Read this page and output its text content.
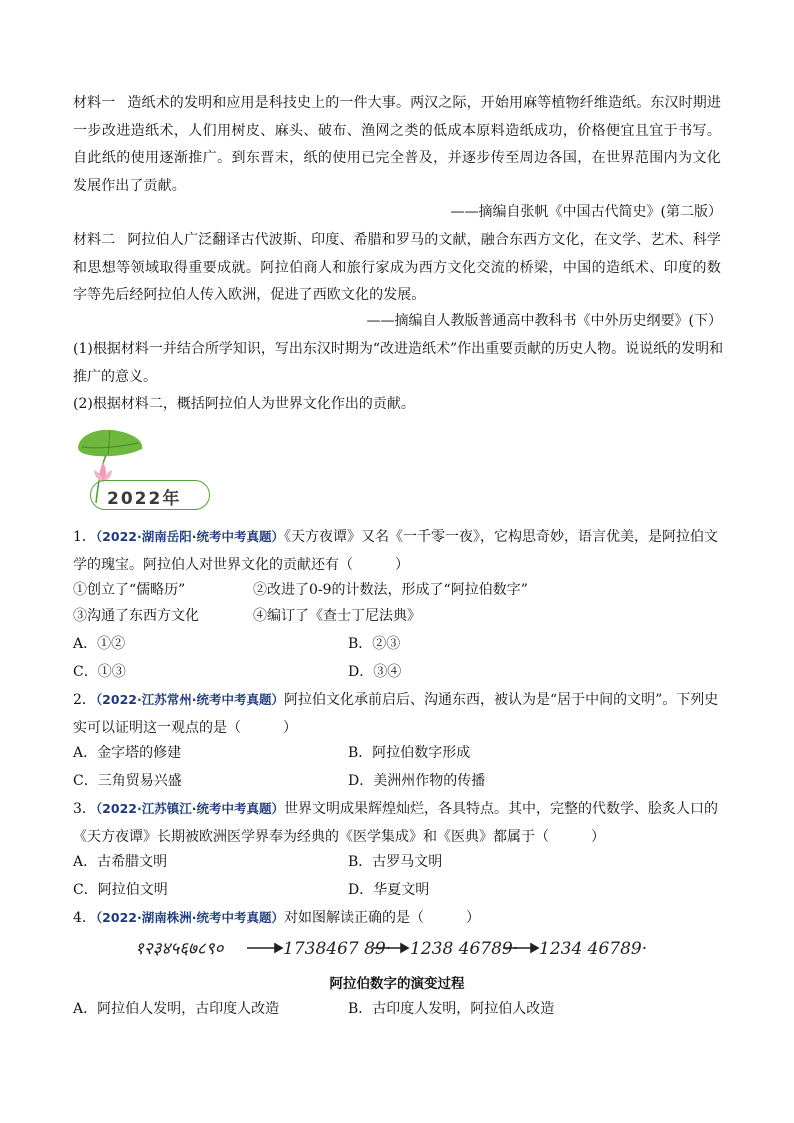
材料一 造纸术的发明和应用是科技史上的一件大事。两汉之际，开始用麻等植物纤维造纸。东汉时期进一步改进造纸术，人们用树皮、麻头、破布、渔网之类的低成本原料造纸成功，价格便宜且宜于书写。自此纸的使用逐渐推广。到东晋末，纸的使用已完全普及，并逐步传至周边各国，在世界范围内为文化发展作出了贡献。
——摘编自张帆《中国古代简史》(第二版）
材料二 阿拉伯人广泛翻译古代波斯、印度、希腊和罗马的文献，融合东西方文化，在文学、艺术、科学和思想等领域取得重要成就。阿拉伯商人和旅行家成为西方文化交流的桥梁，中国的造纸术、印度的数字等先后经阿拉伯人传入欧洲，促进了西欧文化的发展。
——摘编自人教版普通高中教科书《中外历史纲要》(下）
(1)根据材料一并结合所学知识，写出东汉时期为“改进造纸术”作出重要贡献的历史人物。说说纸的发明和推广的意义。
(2)根据材料二，概括阿拉伯人为世界文化作出的贡献。
2022年
1．（2022·湖南岳阳·统考中考真题）《天方夜谭》又名《一千零一夜》，它构思奇妙，语言优美，是阿拉伯文学的瑰宝。阿拉伯人对世界文化的贡献还有（　　　）
①创立了“儒略历”	②改进了0-9的计数法，形成了“阿拉伯数字”
③沟通了东西方文化	④编订了《查士丁尼法典》
A．①②	B．②③
C．①③	D．③④
2．（2022·江苏常州·统考中考真题）阿拉伯文化承前启后、沟通东西，被认为是“居于中间的文明”。下列史实可以证明这一观点的是（　　　）
A．金字塔的修建	B．阿拉伯数字形成
C．三角贸易兴盛	D．美洲州作物的传播
3．（2022·江苏镇江·统考中考真题）世界文明成果辉煌灿烂，各具特点。其中，完整的代数学、脍炙人口的《天方夜谭》长期被欧洲医学界奉为经典的《医学集成》和《医典》都属于（　　　）
A．古希腊文明	B．古罗马文明
C．阿拉伯文明	D．华夏文明
4．（2022·湖南株洲·统考中考真题）对如图解读正确的是（　　　）
१२३४५६७८९०	1738467 89· 1238 46789· 1234 46789·
阿拉伯数字的演变过程
A．阿拉伯人发明，古印度人改造	B．古印度人发明，阿拉伯人改造
